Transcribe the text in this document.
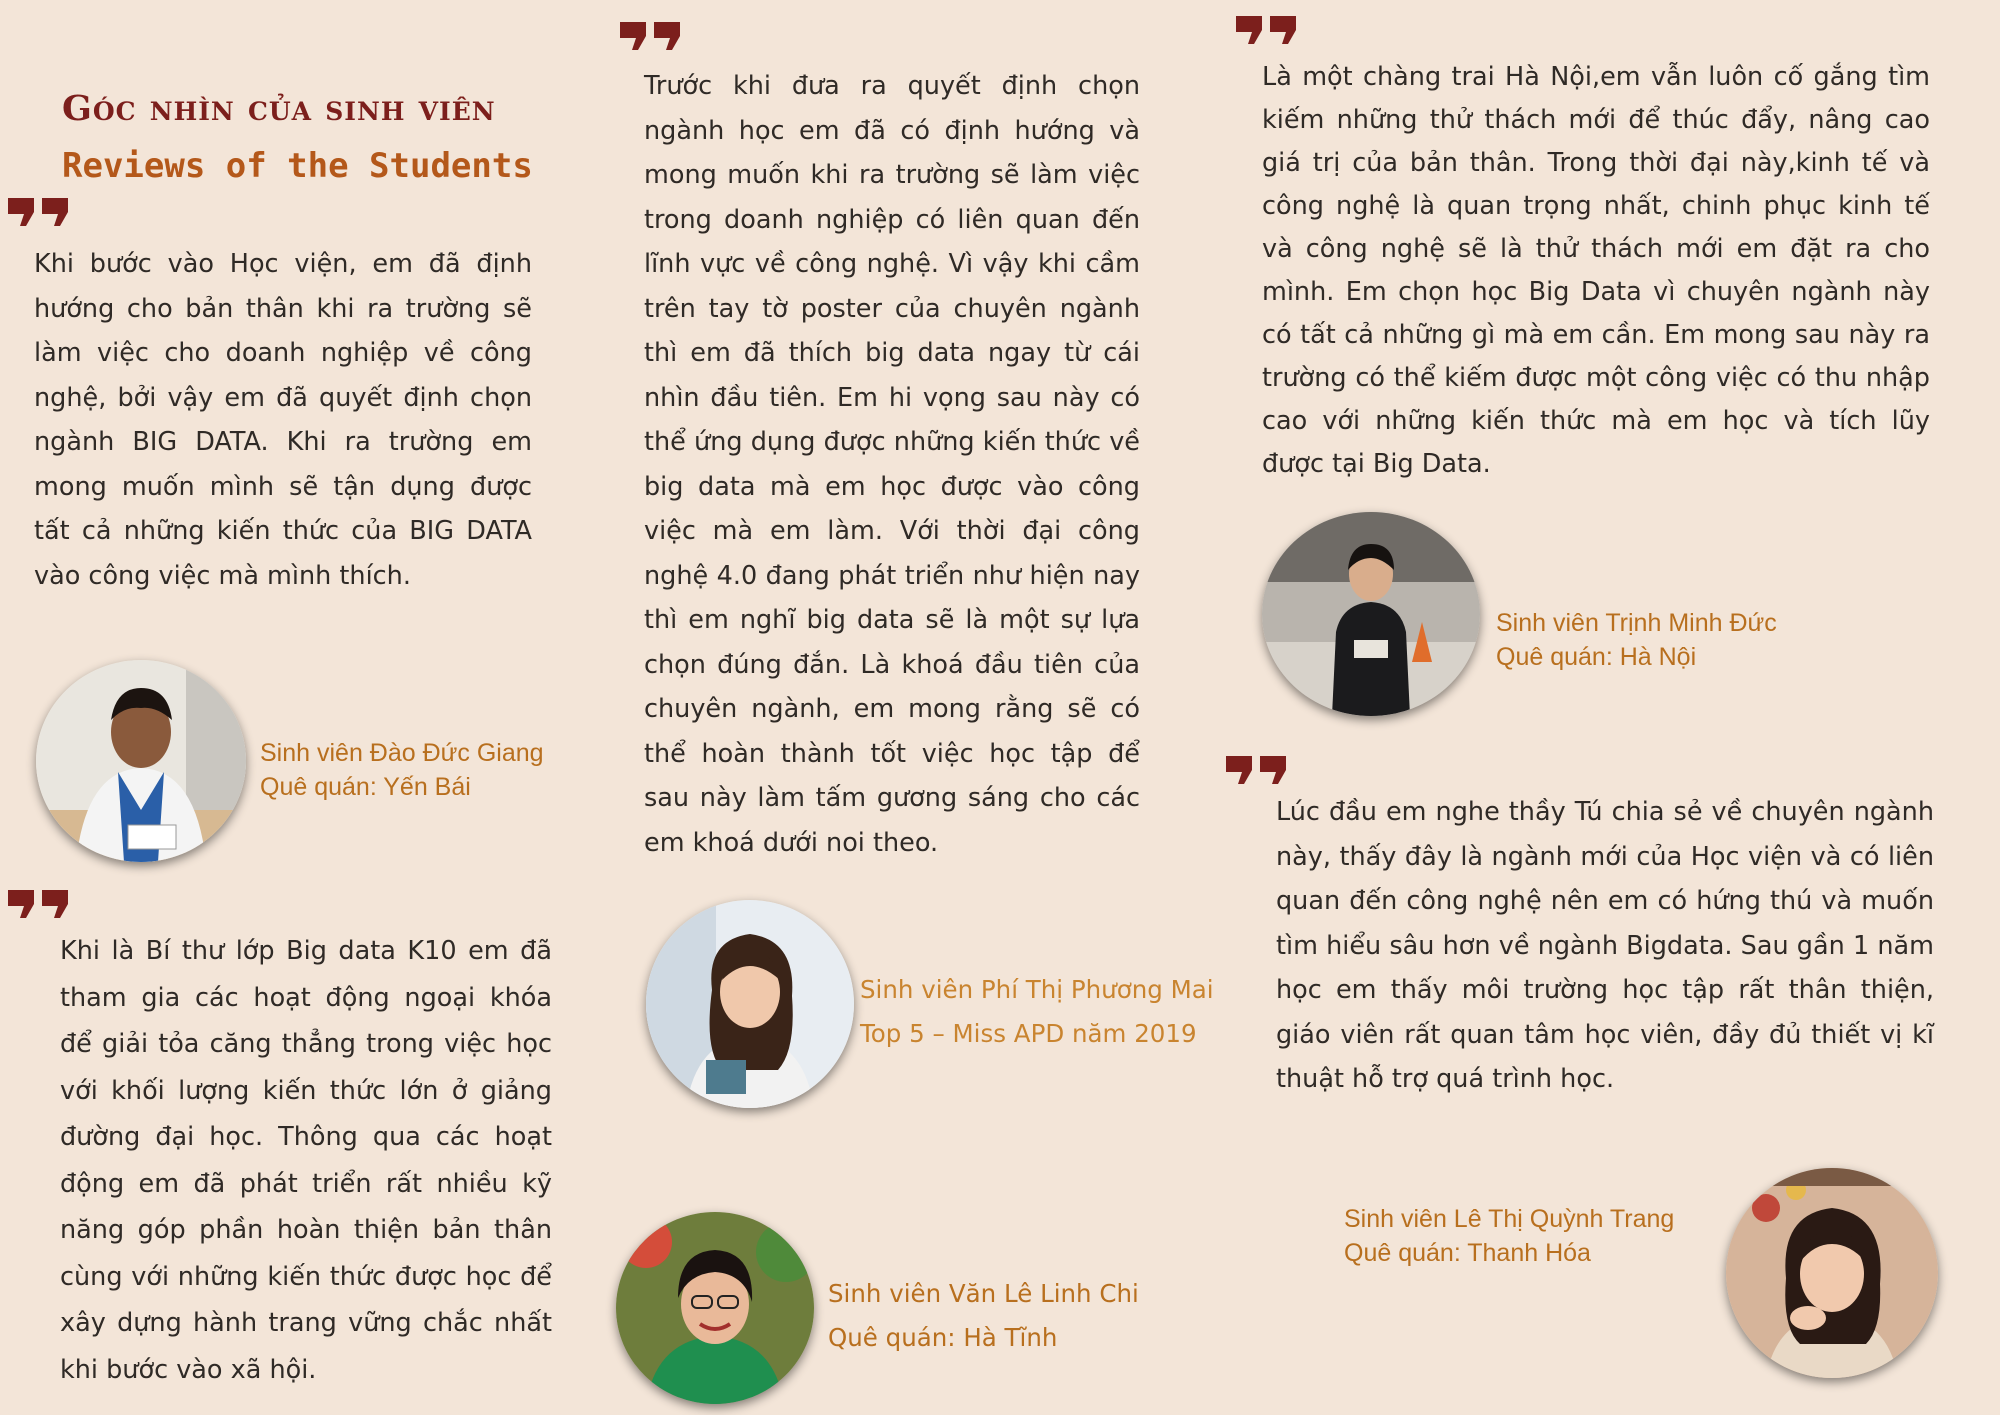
Góc nhìn của sinh viên
Reviews of the Students

Khi bước vào Học viện, em đã định hướng cho bản thân khi ra trường sẽ làm việc cho doanh nghiệp về công nghệ, bởi vậy em đã quyết định chọn ngành BIG DATA. Khi ra trường em mong muốn mình sẽ tận dụng được tất cả những kiến thức của BIG DATA vào công việc mà mình thích.

Sinh viên Đào Đức Giang
Quê quán: Yến Bái

Khi là Bí thư lớp Big data K10 em đã tham gia các hoạt động ngoại khóa để giải tỏa căng thẳng trong việc học với khối lượng kiến thức lớn ở giảng đường đại học. Thông qua các hoạt động em đã phát triển rất nhiều kỹ năng góp phần hoàn thiện bản thân cùng với những kiến thức được học để xây dựng hành trang vững chắc nhất khi bước vào xã hội.

Sinh viên Văn Lê Linh Chi
Quê quán: Hà Tĩnh

Trước khi đưa ra quyết định chọn ngành học em đã có định hướng và mong muốn khi ra trường sẽ làm việc trong doanh nghiệp có liên quan đến lĩnh vực về công nghệ. Vì vậy khi cầm trên tay tờ poster của chuyên ngành thì em đã thích big data ngay từ cái nhìn đầu tiên. Em hi vọng sau này có thể ứng dụng được những kiến thức về big data mà em học được vào công việc mà em làm. Với thời đại công nghệ 4.0 đang phát triển như hiện nay thì em nghĩ big data sẽ là một sự lựa chọn đúng đắn. Là khoá đầu tiên của chuyên ngành, em mong rằng sẽ có thể hoàn thành tốt việc học tập để sau này làm tấm gương sáng cho các em khoá dưới noi theo.

Sinh viên Phí Thị Phương Mai
Top 5 – Miss APD năm 2019

Là một chàng trai Hà Nội,em vẫn luôn cố gắng tìm kiếm những thử thách mới để thúc đẩy, nâng cao giá trị của bản thân. Trong thời đại này,kinh tế và công nghệ là quan trọng nhất, chinh phục kinh tế và công nghệ sẽ là thử thách mới em đặt ra cho mình. Em chọn học Big Data vì chuyên ngành này có tất cả những gì mà em cần. Em mong sau này ra trường có thể kiếm được một công việc có thu nhập cao với những kiến thức mà em học và tích lũy được tại Big Data.

Sinh viên Trịnh Minh Đức
Quê quán: Hà Nội

Lúc đầu em nghe thầy Tú chia sẻ về chuyên ngành này, thấy đây là ngành mới của Học viện và có liên quan đến công nghệ nên em có hứng thú và muốn tìm hiểu sâu hơn về ngành Bigdata. Sau gần 1 năm học em thấy môi trường học tập rất thân thiện, giáo viên rất quan tâm học viên, đầy đủ thiết vị kĩ thuật hỗ trợ quá trình học.

Sinh viên Lê Thị Quỳnh Trang
Quê quán: Thanh Hóa
